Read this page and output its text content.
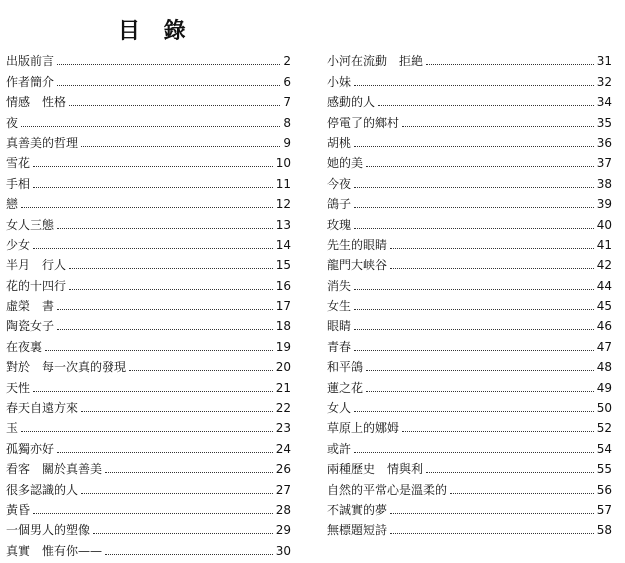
目 錄
出版前言	2
作者簡介	6
情感　性格	7
夜	8
真善美的哲理	9
雪花	10
手相	11
戀	12
女人三態	13
少女	14
半月　行人	15
花的十四行	16
虛榮　書	17
陶瓷女子	18
在夜裏	19
對於　每一次真的發現	20
天性	21
春天自遠方來	22
玉	23
孤獨亦好	24
看客　關於真善美	26
很多認識的人	27
黃昏	28
一個男人的塑像	29
真實　惟有你——	30
小河在流動　拒絶	31
小妹	32
感動的人	34
停電了的鄉村	35
胡桃	36
她的美	37
今夜	38
鴿子	39
玫瑰	40
先生的眼睛	41
龍門大峡谷	42
消失	44
女生	45
眼睛	46
青春	47
和平鴿	48
蓮之花	49
女人	50
草原上的娜姆	52
或許	54
兩種歷史　情與利	55
自然的平常心是溫柔的	56
不誠實的夢	57
無標題短詩	58
